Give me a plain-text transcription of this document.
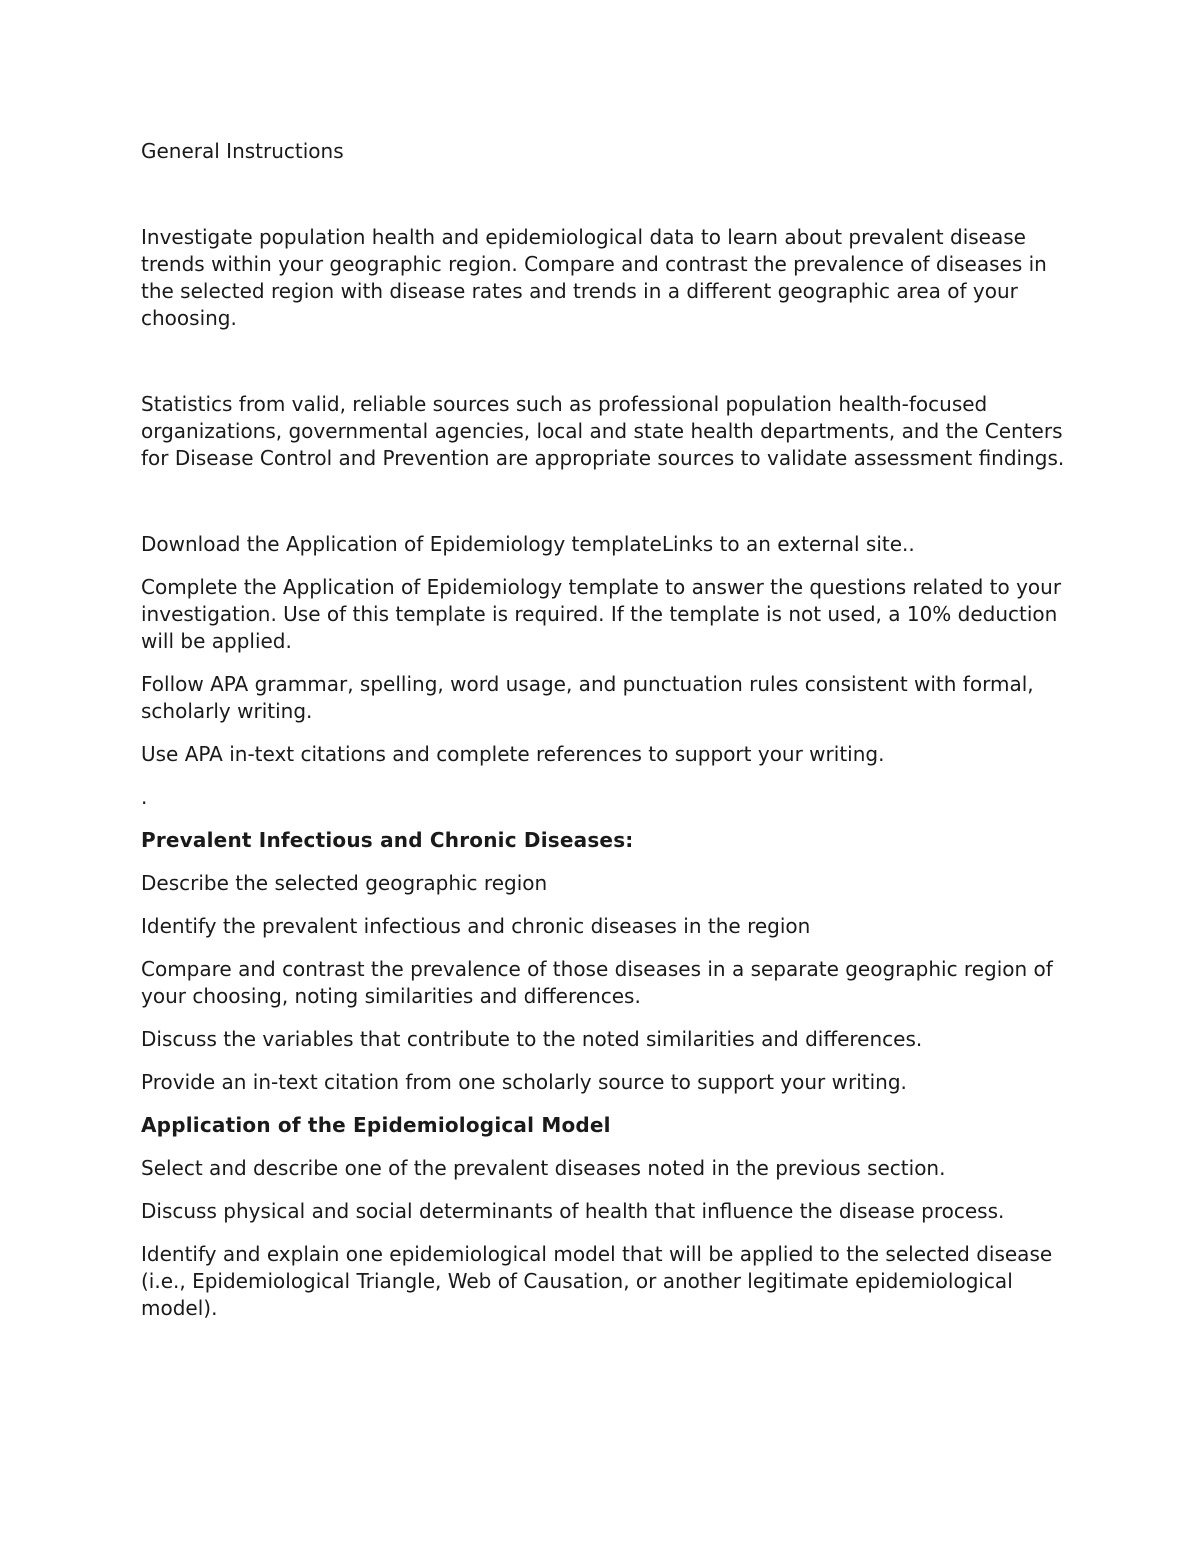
General Instructions

Investigate population health and epidemiological data to learn about prevalent disease trends within your geographic region. Compare and contrast the prevalence of diseases in the selected region with disease rates and trends in a different geographic area of your choosing.

Statistics from valid, reliable sources such as professional population health-focused organizations, governmental agencies, local and state health departments, and the Centers for Disease Control and Prevention are appropriate sources to validate assessment findings.

Download the Application of Epidemiology templateLinks to an external site..

Complete the Application of Epidemiology template to answer the questions related to your investigation. Use of this template is required. If the template is not used, a 10% deduction will be applied.

Follow APA grammar, spelling, word usage, and punctuation rules consistent with formal, scholarly writing.

Use APA in-text citations and complete references to support your writing.

.

Prevalent Infectious and Chronic Diseases:

Describe the selected geographic region

Identify the prevalent infectious and chronic diseases in the region

Compare and contrast the prevalence of those diseases in a separate geographic region of your choosing, noting similarities and differences.

Discuss the variables that contribute to the noted similarities and differences.

Provide an in-text citation from one scholarly source to support your writing.

Application of the Epidemiological Model

Select and describe one of the prevalent diseases noted in the previous section.

Discuss physical and social determinants of health that influence the disease process.

Identify and explain one epidemiological model that will be applied to the selected disease (i.e., Epidemiological Triangle, Web of Causation, or another legitimate epidemiological model).
